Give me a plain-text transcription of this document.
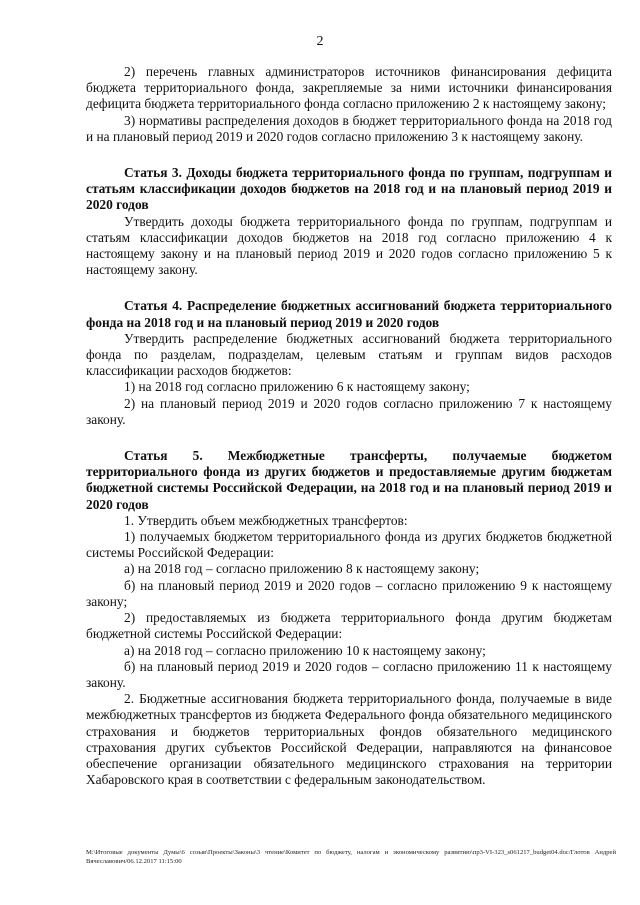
2

2) перечень главных администраторов источников финансирования дефицита бюджета территориального фонда, закрепляемые за ними источники финансирования дефицита бюджета территориального фонда согласно приложению 2 к настоящему закону;

3) нормативы распределения доходов в бюджет территориального фонда на 2018 год и на плановый период 2019 и 2020 годов согласно приложению 3 к настоящему закону.

Статья 3. Доходы бюджета территориального фонда по группам, подгруппам и статьям классификации доходов бюджетов на 2018 год и на плановый период 2019 и 2020 годов

Утвердить доходы бюджета территориального фонда по группам, подгруппам и статьям классификации доходов бюджетов на 2018 год согласно приложению 4 к настоящему закону и на плановый период 2019 и 2020 годов согласно приложению 5 к настоящему закону.

Статья 4. Распределение бюджетных ассигнований бюджета территориального фонда на 2018 год и на плановый период 2019 и 2020 годов

Утвердить распределение бюджетных ассигнований бюджета территориального фонда по разделам, подразделам, целевым статьям и группам видов расходов классификации расходов бюджетов:

1) на 2018 год согласно приложению 6 к настоящему закону;

2) на плановый период 2019 и 2020 годов согласно приложению 7 к настоящему закону.

Статья 5. Межбюджетные трансферты, получаемые бюджетом территориального фонда из других бюджетов и предоставляемые другим бюджетам бюджетной системы Российской Федерации, на 2018 год и на плановый период 2019 и 2020 годов

1. Утвердить объем межбюджетных трансфертов:

1) получаемых бюджетом территориального фонда из других бюджетов бюджетной системы Российской Федерации:

а) на 2018 год – согласно приложению 8 к настоящему закону;

б) на плановый период 2019 и 2020 годов – согласно приложению 9 к настоящему закону;

2) предоставляемых из бюджета территориального фонда другим бюджетам бюджетной системы Российской Федерации:

а) на 2018 год – согласно приложению 10 к настоящему закону;

б) на плановый период 2019 и 2020 годов – согласно приложению 11 к настоящему закону.

2. Бюджетные ассигнования бюджета территориального фонда, получаемые в виде межбюджетных трансфертов из бюджета Федерального фонда обязательного медицинского страхования и бюджетов территориальных фондов обязательного медицинского страхования других субъектов Российской Федерации, направляются на финансовое обеспечение организации обязательного медицинского страхования на территории Хабаровского края в соответствии с федеральным законодательством.

М:\Итоговые документы Думы\6 созыв\Проекты\Законы\3 чтение\Комитет по бюджету, налогам и экономическому развитию\пр3-VI-323_s061217_budget04.doc/Глотов Андрей Вячеславович/06.12.2017 11:15:00
